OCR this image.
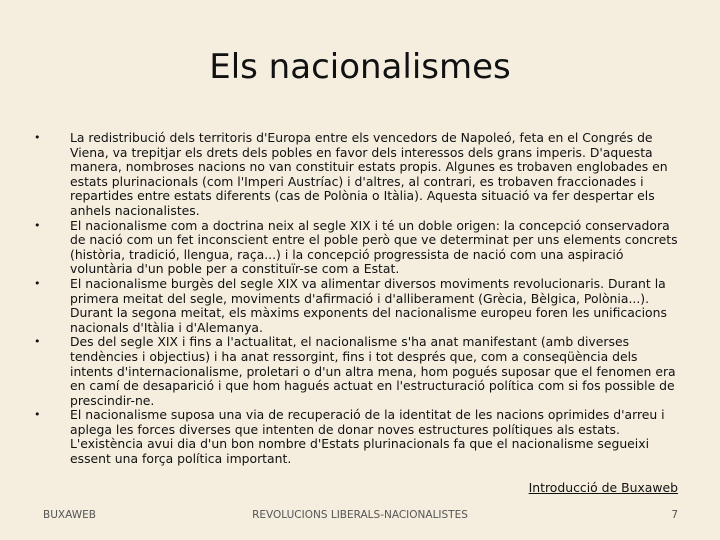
Els nacionalismes
• La redistribució dels territoris d'Europa entre els vencedors de Napoleó, feta en el Congrés de Viena, va trepitjar els drets dels pobles en favor dels interessos dels grans imperis. D'aquesta manera, nombroses nacions no van constituir estats propis. Algunes es trobaven englobades en estats plurinacionals (com l'Imperi Austríac) i d'altres, al contrari, es trobaven fraccionades i repartides entre estats diferents (cas de Polònia o Itàlia). Aquesta situació va fer despertar els anhels nacionalistes.
• El nacionalisme com a doctrina neix al segle XIX i té un doble origen: la concepció conservadora de nació com un fet inconscient entre el poble però que ve determinat per uns elements concrets (història, tradició, llengua, raça...) i la concepció progressista de nació com una aspiració voluntària d'un poble per a constituïr-se com a Estat.
• El nacionalisme burgès del segle XIX va alimentar diversos moviments revolucionaris. Durant la primera meitat del segle, moviments d'afirmació i d'alliberament (Grècia, Bèlgica, Polònia...). Durant la segona meitat, els màxims exponents del nacionalisme europeu foren les unificacions nacionals d'Itàlia i d'Alemanya.
• Des del segle XIX i fins a l'actualitat, el nacionalisme s'ha anat manifestant (amb diverses tendències i objectius) i ha anat ressorgint, fins i tot després que, com a conseqüència dels intents d'internacionalisme, proletari o d'un altra mena, hom pogués suposar que el fenomen era en camí de desaparició i que hom hagués actuat en l'estructuració política com si fos possible de prescindir-ne.
• El nacionalisme suposa una via de recuperació de la identitat de les nacions oprimides d'arreu i aplega les forces diverses que intenten de donar noves estructures polítiques als estats. L'existència avui dia d'un bon nombre d'Estats plurinacionals fa que el nacionalisme segueixi essent una força política important.
Introducció de Buxaweb
BUXAWEB	REVOLUCIONS LIBERALS-NACIONALISTES	7
